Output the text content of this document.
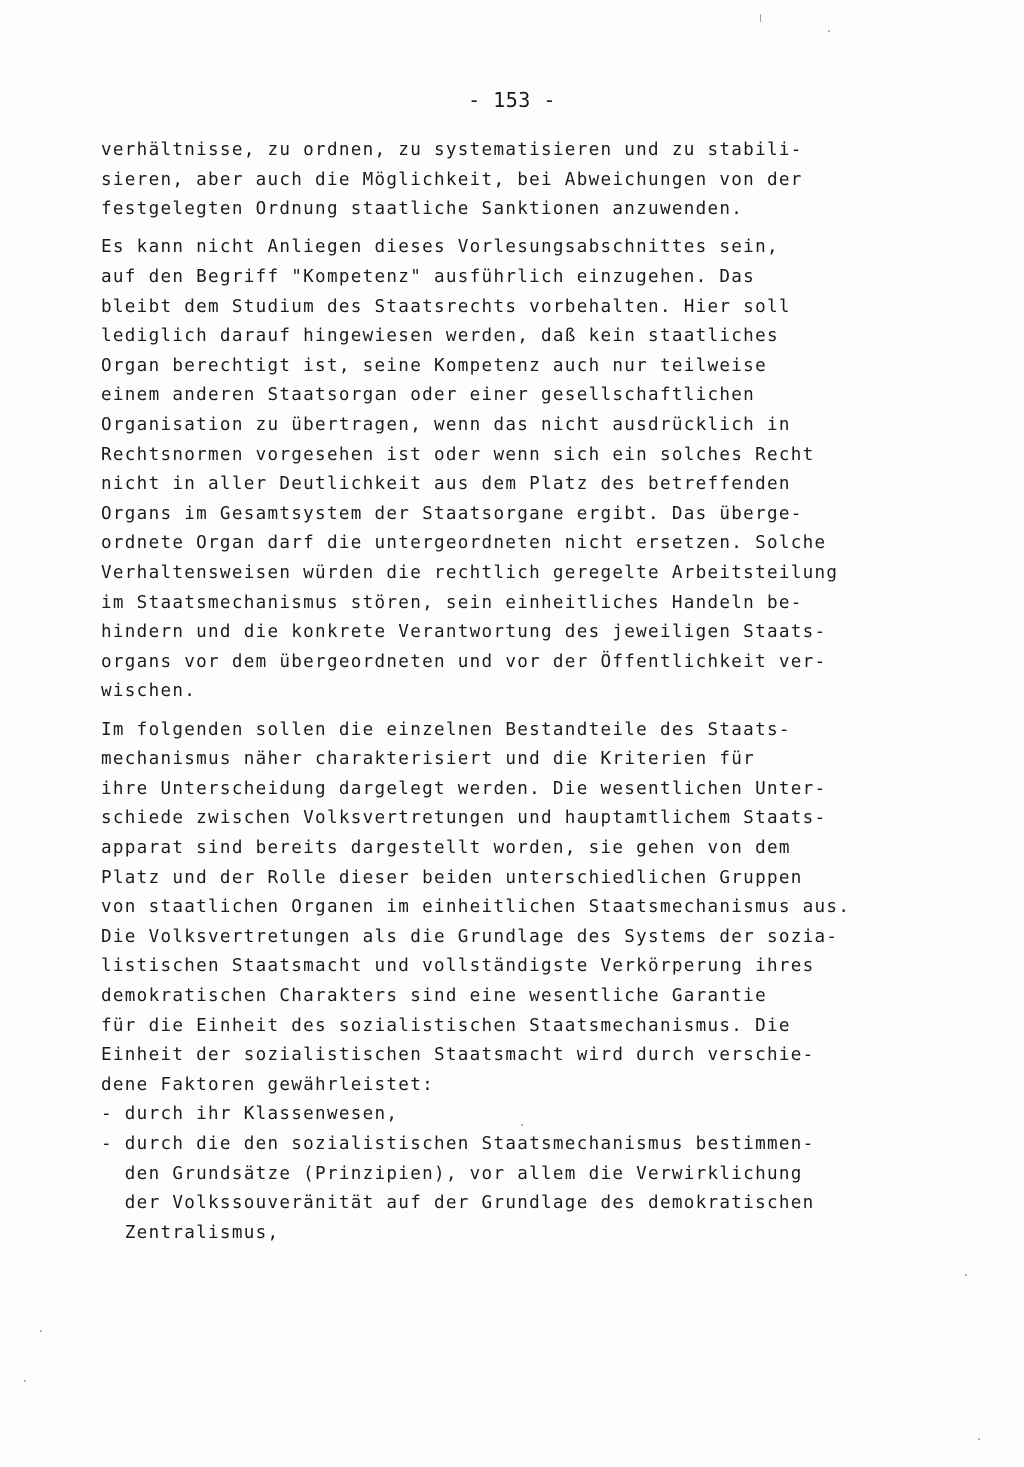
- 153 -
verhältnisse, zu ordnen, zu systematisieren und zu stabili-
sieren, aber auch die Möglichkeit, bei Abweichungen von der
festgelegten Ordnung staatliche Sanktionen anzuwenden.
Es kann nicht Anliegen dieses Vorlesungsabschnittes sein,
auf den Begriff "Kompetenz" ausführlich einzugehen. Das
bleibt dem Studium des Staatsrechts vorbehalten. Hier soll
lediglich darauf hingewiesen werden, daß kein staatliches
Organ berechtigt ist, seine Kompetenz auch nur teilweise
einem anderen Staatsorgan oder einer gesellschaftlichen
Organisation zu übertragen, wenn das nicht ausdrücklich in
Rechtsnormen vorgesehen ist oder wenn sich ein solches Recht
nicht in aller Deutlichkeit aus dem Platz des betreffenden
Organs im Gesamtsystem der Staatsorgane ergibt. Das überge-
ordnete Organ darf die untergeordneten nicht ersetzen. Solche
Verhaltensweisen würden die rechtlich geregelte Arbeitsteilung
im Staatsmechanismus stören, sein einheitliches Handeln be-
hindern und die konkrete Verantwortung des jeweiligen Staats-
organs vor dem übergeordneten und vor der Öffentlichkeit ver-
wischen.
Im folgenden sollen die einzelnen Bestandteile des Staats-
mechanismus näher charakterisiert und die Kriterien für
ihre Unterscheidung dargelegt werden. Die wesentlichen Unter-
schiede zwischen Volksvertretungen und hauptamtlichem Staats-
apparat sind bereits dargestellt worden, sie gehen von dem
Platz und der Rolle dieser beiden unterschiedlichen Gruppen
von staatlichen Organen im einheitlichen Staatsmechanismus aus.
Die Volksvertretungen als die Grundlage des Systems der sozia-
listischen Staatsmacht und vollständigste Verkörperung ihres
demokratischen Charakters sind eine wesentliche Garantie
für die Einheit des sozialistischen Staatsmechanismus. Die
Einheit der sozialistischen Staatsmacht wird durch verschie-
dene Faktoren gewährleistet:
- durch ihr Klassenwesen,
- durch die den sozialistischen Staatsmechanismus bestimmen-
den Grundsätze (Prinzipien), vor allem die Verwirklichung
der Volkssouveränität auf der Grundlage des demokratischen
Zentralismus,
